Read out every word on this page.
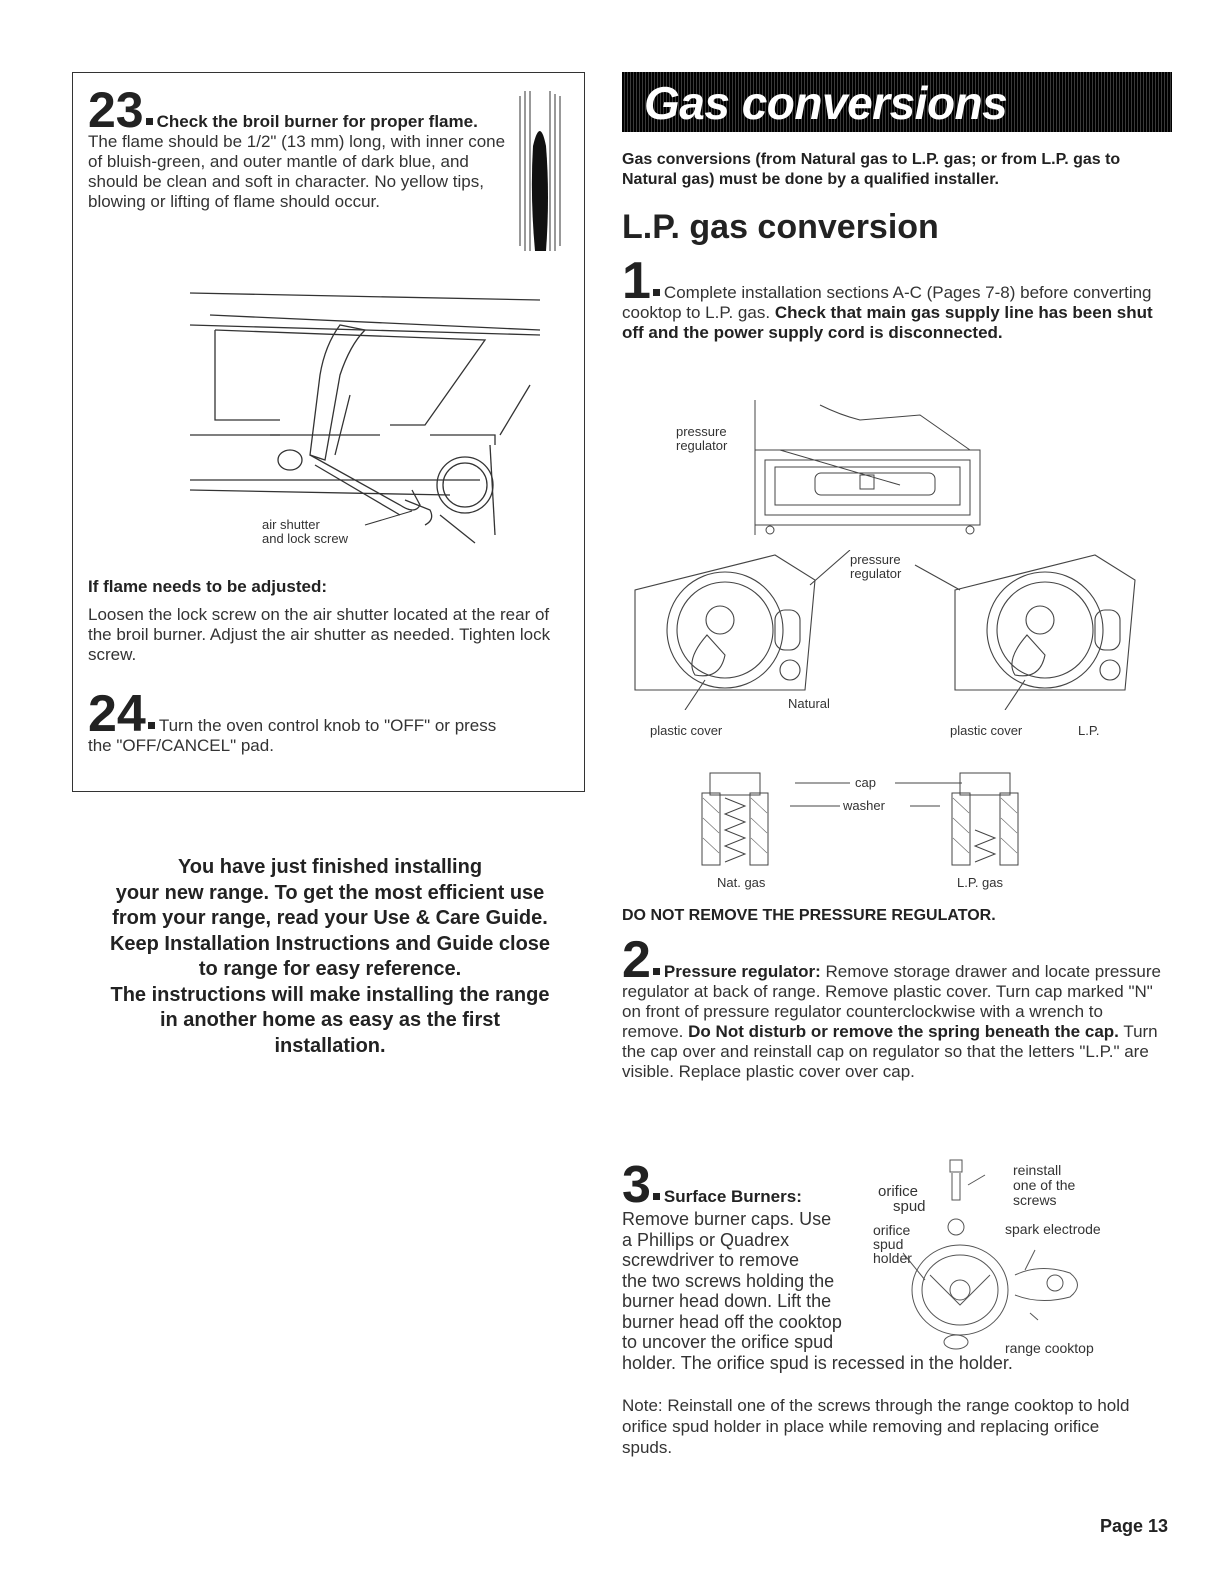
23 Check the broil burner for proper flame. The flame should be 1/2" (13 mm) long, with inner cone of bluish-green, and outer mantle of dark blue, and should be clean and soft in character. No yellow tips, blowing or lifting of flame should occur.
air shutter
and lock screw
If flame needs to be adjusted:
Loosen the lock screw on the air shutter located at the rear of the broil burner. Adjust the air shutter as needed. Tighten lock screw.
24 Turn the oven control knob to "OFF" or press
the "OFF/CANCEL" pad.
You have just finished installing
your new range. To get the most efficient use
from your range, read your Use & Care Guide.
Keep Installation Instructions and Guide close
to range for easy reference.
The instructions will make installing the range
in another home as easy as the first
installation.
Gas conversions
Gas conversions (from Natural gas to L.P. gas; or from L.P. gas to Natural gas) must be done by a qualified installer.
L.P. gas conversion
1 Complete installation sections A-C (Pages 7-8) before converting cooktop to L.P. gas. Check that main gas supply line has been shut off and the power supply cord is disconnected.
pressure
regulator
pressure
regulator
Natural
plastic cover	plastic cover	L.P.
cap
washer
Nat. gas	L.P. gas
DO NOT REMOVE THE PRESSURE REGULATOR.
2 Pressure regulator: Remove storage drawer and locate pressure regulator at back of range. Remove plastic cover. Turn cap marked "N" on front of pressure regulator counterclockwise with a wrench to remove. Do Not disturb or remove the spring beneath the cap. Turn the cap over and reinstall cap on regulator so that the letters "L.P." are visible. Replace plastic cover over cap.
3 Surface Burners:
Remove burner caps. Use
a Phillips or Quadrex
screwdriver to remove
the two screws holding the
burner head down. Lift the
burner head off the cooktop
to uncover the orifice spud
holder. The orifice spud is recessed in the holder.
orifice
spud
orifice
spud
holder
reinstall
one of the
screws
spark electrode
range cooktop
Note: Reinstall one of the screws through the range cooktop to hold orifice spud holder in place while removing and replacing orifice spuds.
Page 13
